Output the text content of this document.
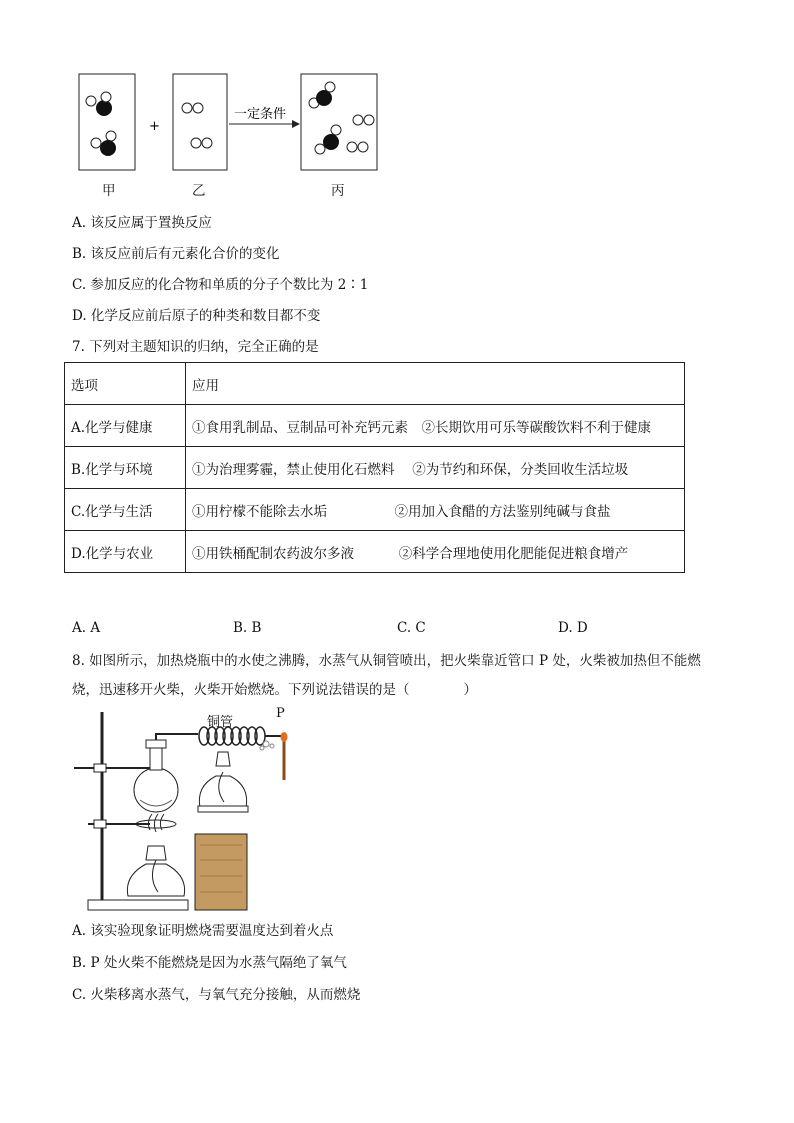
+
一定条件
甲	乙	丙
A. 该反应属于置换反应
B. 该反应前后有元素化合价的变化
C. 参加反应的化合物和单质的分子个数比为 2∶1
D. 化学反应前后原子的种类和数目都不变
7. 下列对主题知识的归纳，完全正确的是
选项	应用
A.化学与健康	①食用乳制品、豆制品可补充钙元素　②长期饮用可乐等碳酸饮料不利于健康
B.化学与环境	①为治理雾霾，禁止使用化石燃料　 ②为节约和环保，分类回收生活垃圾
C.化学与生活	①用柠檬不能除去水垢　　　　　②用加入食醋的方法鉴别纯碱与食盐
D.化学与农业	①用铁桶配制农药波尔多液　　　 ②科学合理地使用化肥能促进粮食增产
A. A	B. B	C. C	D. D
8. 如图所示，加热烧瓶中的水使之沸腾，水蒸气从铜管喷出，把火柴靠近管口 P 处，火柴被加热但不能燃
烧，迅速移开火柴，火柴开始燃烧。下列说法错误的是（　　　　）
铜管
P
A. 该实验现象证明燃烧需要温度达到着火点
B. P 处火柴不能燃烧是因为水蒸气隔绝了氧气
C. 火柴移离水蒸气，与氧气充分接触，从而燃烧
